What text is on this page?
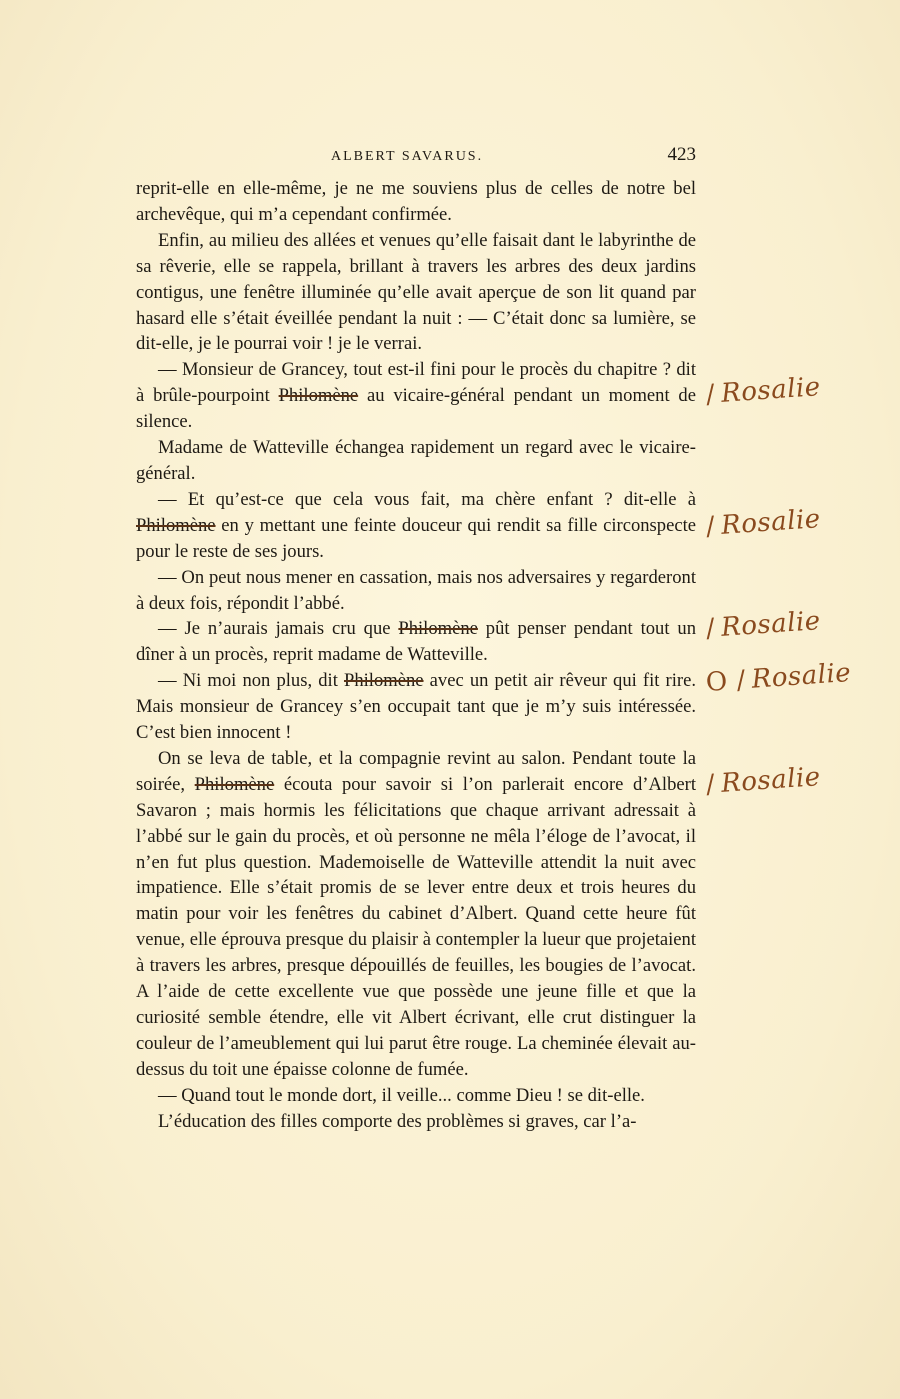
ALBERT SAVARUS.	423

reprit-elle en elle-même, je ne me souviens plus de celles de notre bel archevêque, qui m’a cependant confirmée.

Enfin, au milieu des allées et venues qu’elle faisait dant le labyrinthe de sa rêverie, elle se rappela, brillant à travers les arbres des deux jardins contigus, une fenêtre illuminée qu’elle avait aperçue de son lit quand par hasard elle s’était éveillée pendant la nuit : — C’était donc sa lumière, se dit-elle, je le pourrai voir ! je le verrai.

— Monsieur de Grancey, tout est-il fini pour le procès du chapitre ? dit à brûle-pourpoint Philomène au vicaire-général pendant un moment de silence.

Madame de Watteville échangea rapidement un regard avec le vicaire-général.

— Et qu’est-ce que cela vous fait, ma chère enfant ? dit-elle à Philomène en y mettant une feinte douceur qui rendit sa fille circonspecte pour le reste de ses jours.

— On peut nous mener en cassation, mais nos adversaires y regarderont à deux fois, répondit l’abbé.

— Je n’aurais jamais cru que Philomène pût penser pendant tout un dîner à un procès, reprit madame de Watteville.

— Ni moi non plus, dit Philomène avec un petit air rêveur qui fit rire. Mais monsieur de Grancey s’en occupait tant que je m’y suis intéressée. C’est bien innocent !

On se leva de table, et la compagnie revint au salon. Pendant toute la soirée, Philomène écouta pour savoir si l’on parlerait encore d’Albert Savaron ; mais hormis les félicitations que chaque arrivant adressait à l’abbé sur le gain du procès, et où personne ne mêla l’éloge de l’avocat, il n’en fut plus question. Mademoiselle de Watteville attendit la nuit avec impatience. Elle s’était promis de se lever entre deux et trois heures du matin pour voir les fenêtres du cabinet d’Albert. Quand cette heure fût venue, elle éprouva presque du plaisir à contempler la lueur que projetaient à travers les arbres, presque dépouillés de feuilles, les bougies de l’avocat. A l’aide de cette excellente vue que possède une jeune fille et que la curiosité semble étendre, elle vit Albert écrivant, elle crut distinguer la couleur de l’ameublement qui lui parut être rouge. La cheminée élevait au-dessus du toit une épaisse colonne de fumée.

— Quand tout le monde dort, il veille... comme Dieu ! se dit-elle.

L’éducation des filles comporte des problèmes si graves, car l’a-

/ Rosalie
/ Rosalie
/ Rosalie
O / Rosalie
/ Rosalie
